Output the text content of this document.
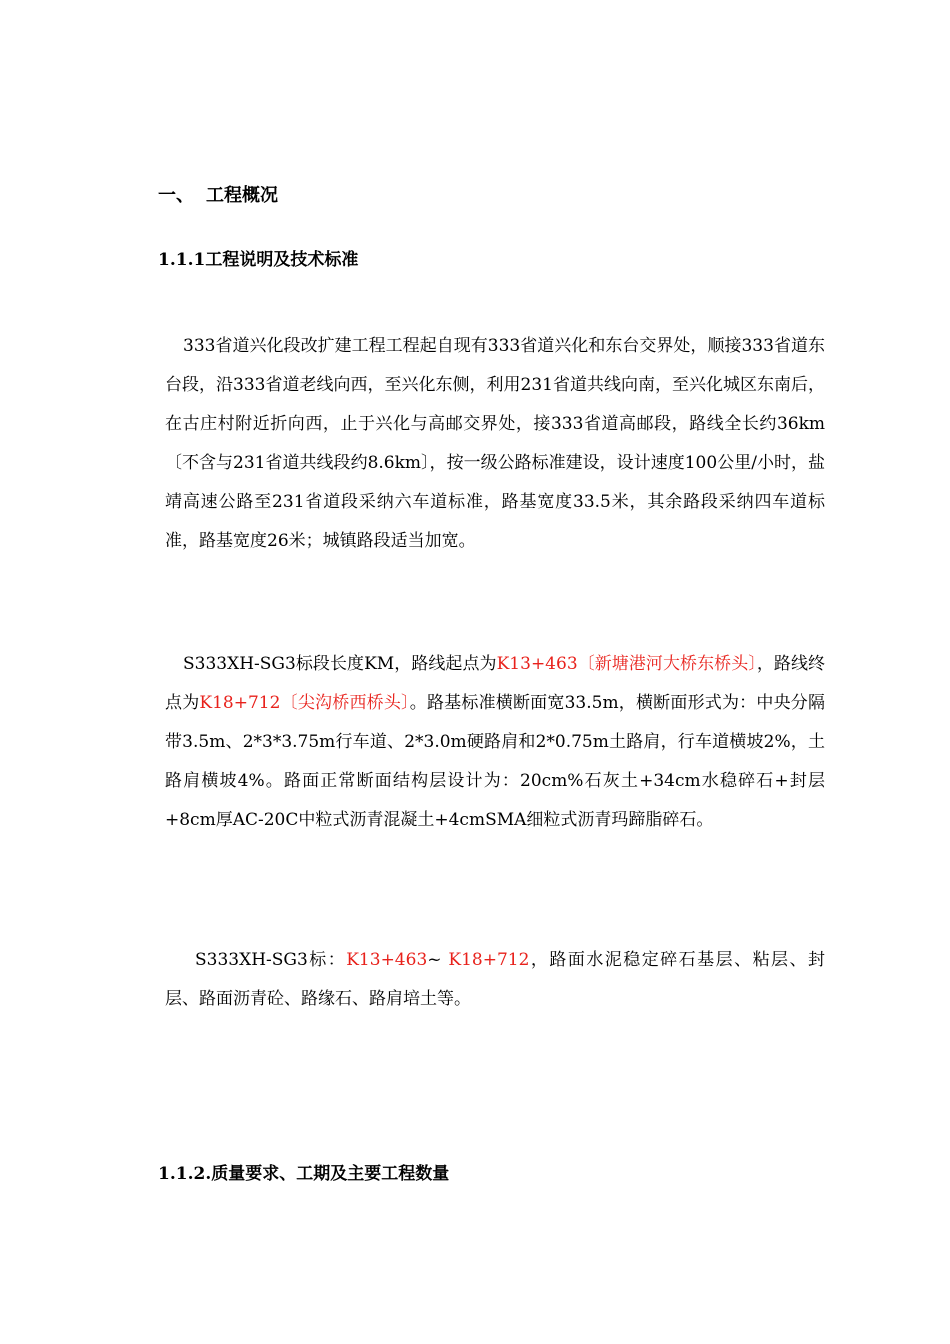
一、 工程概况
1.1.1工程说明及技术标准
333省道兴化段改扩建工程工程起自现有333省道兴化和东台交界处，顺接333省道东台段，沿333省道老线向西，至兴化东侧，利用231省道共线向南，至兴化城区东南后，在古庄村附近折向西，止于兴化与高邮交界处，接333省道高邮段，路线全长约36km〔不含与231省道共线段约8.6km〕，按一级公路标准建设，设计速度100公里/小时，盐靖高速公路至231省道段采纳六车道标准，路基宽度33.5米，其余路段采纳四车道标准，路基宽度26米；城镇路段适当加宽。
S333XH-SG3标段长度KM，路线起点为K13+463〔新塘港河大桥东桥头〕，路线终点为K18+712〔尖沟桥西桥头〕。路基标准横断面宽33.5m，横断面形式为：中央分隔带3.5m、2*3*3.75m行车道、2*3.0m硬路肩和2*0.75m土路肩，行车道横坡2%，土路肩横坡4%。路面正常断面结构层设计为：20cm%石灰土+34cm水稳碎石+封层+8cm厚AC-20C中粒式沥青混凝土+4cmSMA细粒式沥青玛蹄脂碎石。
S333XH-SG3标：K13+463~ K18+712，路面水泥稳定碎石基层、粘层、封层、路面沥青砼、路缘石、路肩培土等。
1.1.2.质量要求、工期及主要工程数量
